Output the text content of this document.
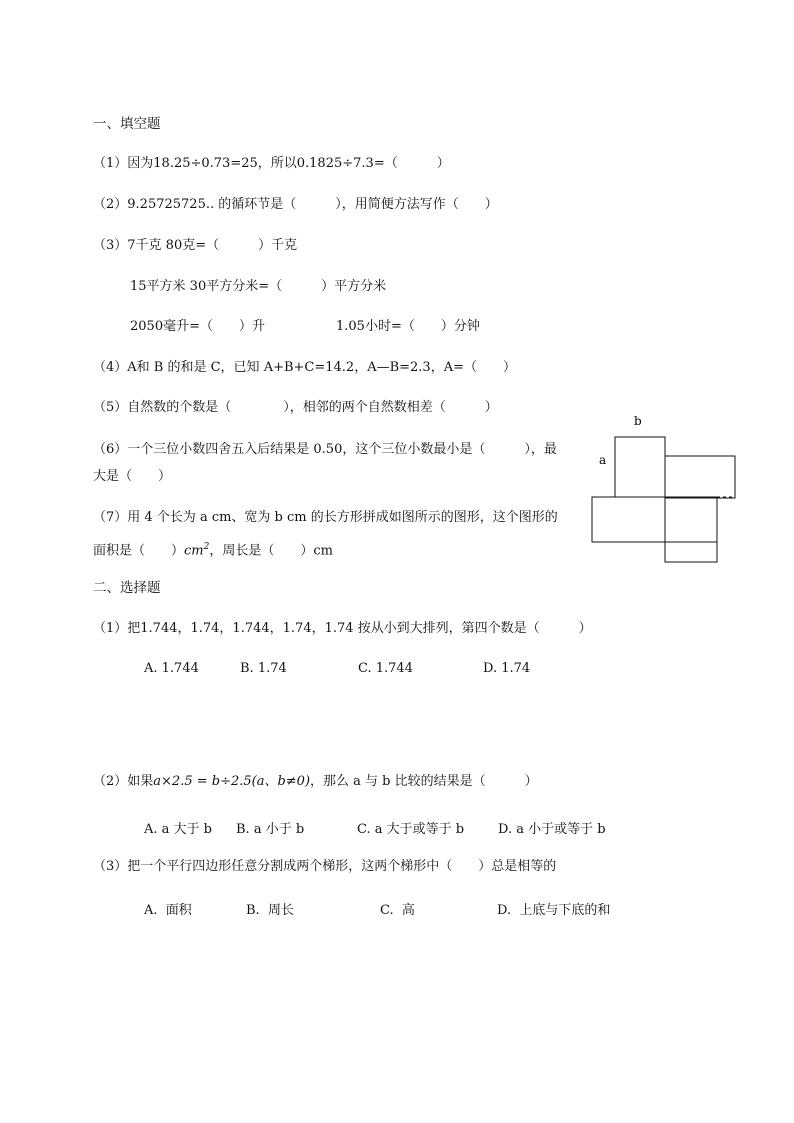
一、填空题
（1）因为18.25÷0.73=25，所以0.1825÷7.3=（　　　）
（2）9.25725725.. 的循环节是（　　　），用简便方法写作（　　）
（3）7千克 80克=（　　　）千克
15平方米 30平方分米=（　　　）平方分米
2050毫升=（　　）升	1.05小时=（　　）分钟
（4）A和 B 的和是 C，已知 A+B+C=14.2，A—B=2.3，A=（　　）
（5）自然数的个数是（　　　　），相邻的两个自然数相差（　　　）
（6）一个三位小数四舍五入后结果是 0.50，这个三位小数最小是（　　　），最
大是（　　）
（7）用 4 个长为 a cm、宽为 b cm 的长方形拼成如图所示的图形，这个图形的
面积是（　　）$cm^2$，周长是（　　）cm
b
a
二、选择题
（1）把1.744，1.74，1.744，1.74，1.74 按从小到大排列，第四个数是（　　　）
A. 1.744	B. 1.74	C. 1.744	D. 1.74
（2）如果a×2.5 = b÷2.5(a、b≠0)，那么 a 与 b 比较的结果是（　　　）
A. a 大于 b B. a 小于 b	C. a 大于或等于 b	D. a 小于或等于 b
（3）把一个平行四边形任意分割成两个梯形，这两个梯形中（　　）总是相等的
A.  面积	B.  周长	C.  高	D.  上底与下底的和
